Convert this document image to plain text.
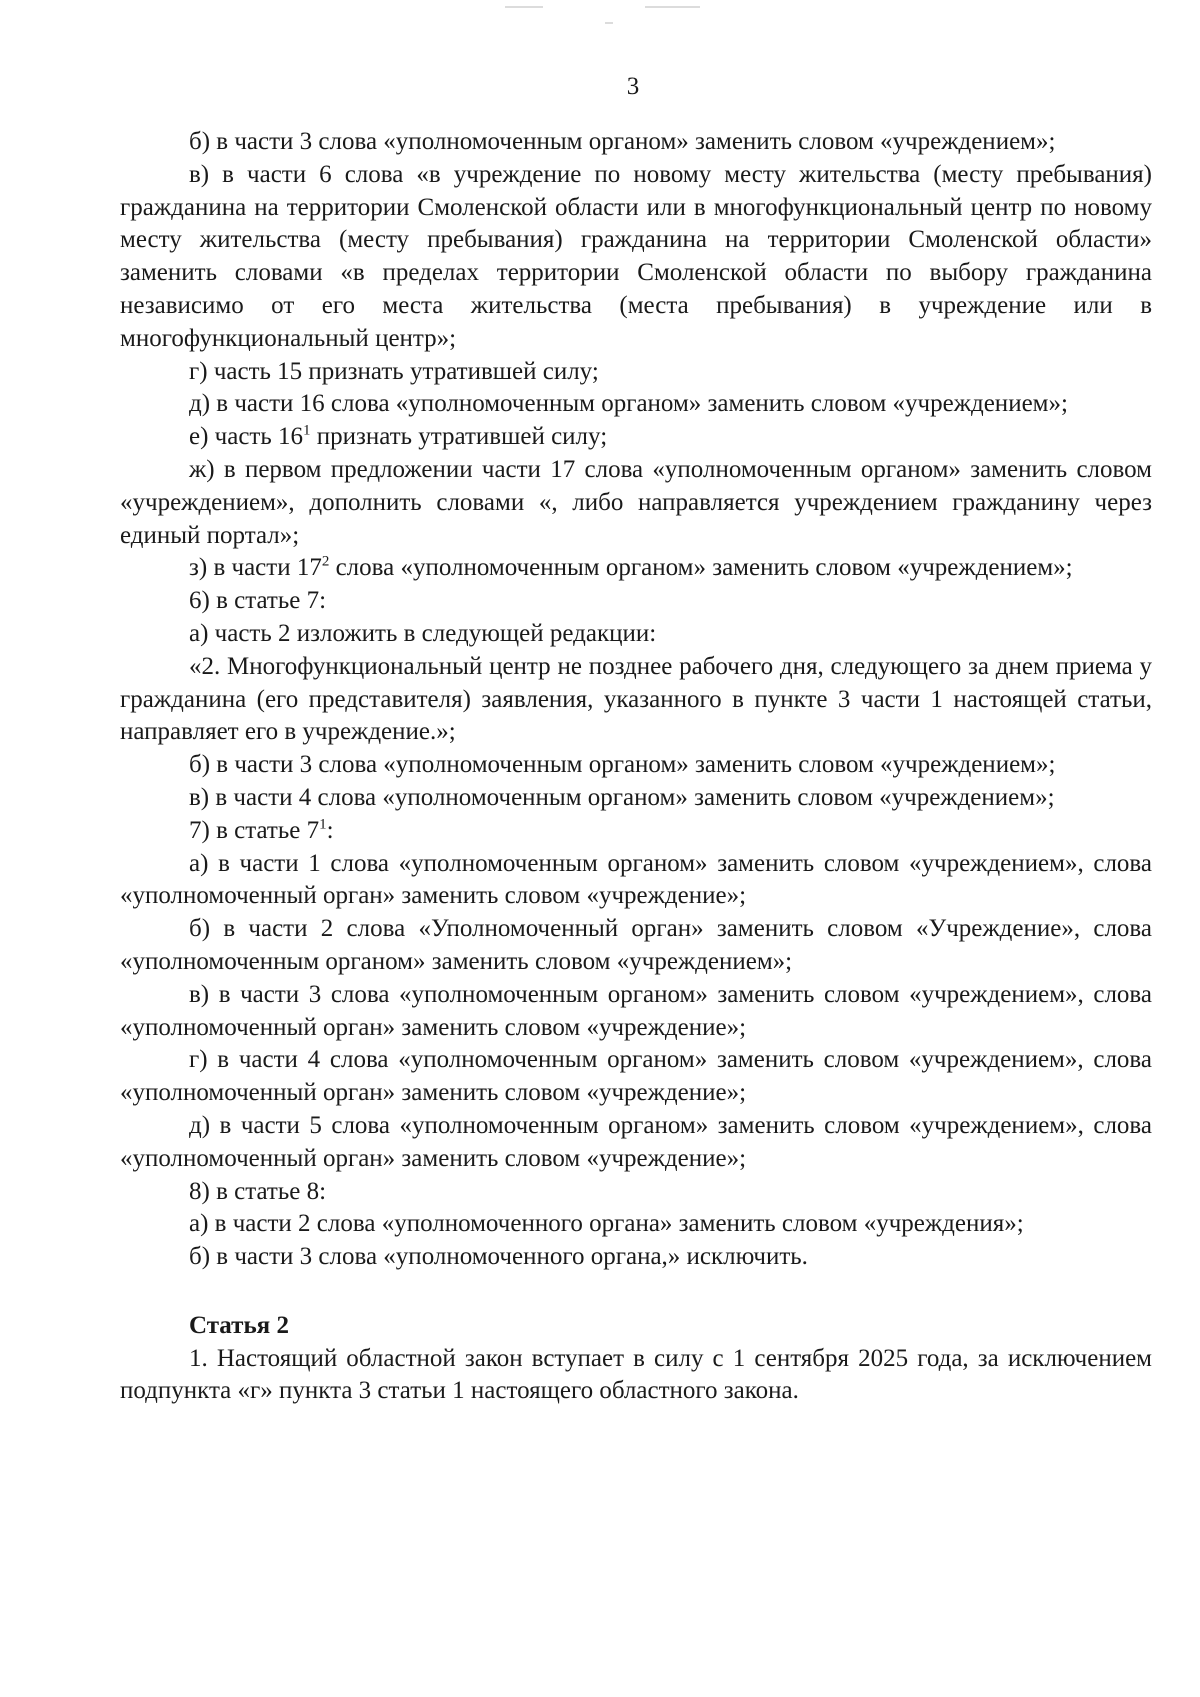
3

б) в части 3 слова «уполномоченным органом» заменить словом «учреждением»;

в) в части 6 слова «в учреждение по новому месту жительства (месту пребывания) гражданина на территории Смоленской области или в многофункциональный центр по новому месту жительства (месту пребывания) гражданина на территории Смоленской области» заменить словами «в пределах территории Смоленской области по выбору гражданина независимо от его места жительства (места пребывания) в учреждение или в многофункциональный центр»;

г) часть 15 признать утратившей силу;

д) в части 16 слова «уполномоченным органом» заменить словом «учреждением»;

е) часть $16^1$ признать утратившей силу;

ж) в первом предложении части 17 слова «уполномоченным органом» заменить словом «учреждением», дополнить словами «, либо направляется учреждением гражданину через единый портал»;

з) в части $17^2$ слова «уполномоченным органом» заменить словом «учреждением»;

6) в статье 7:

а) часть 2 изложить в следующей редакции:

«2. Многофункциональный центр не позднее рабочего дня, следующего за днем приема у гражданина (его представителя) заявления, указанного в пункте 3 части 1 настоящей статьи, направляет его в учреждение.»;

б) в части 3 слова «уполномоченным органом» заменить словом «учреждением»;

в) в части 4 слова «уполномоченным органом» заменить словом «учреждением»;

7) в статье $7^1$:

а) в части 1 слова «уполномоченным органом» заменить словом «учреждением», слова «уполномоченный орган» заменить словом «учреждение»;

б) в части 2 слова «Уполномоченный орган» заменить словом «Учреждение», слова «уполномоченным органом» заменить словом «учреждением»;

в) в части 3 слова «уполномоченным органом» заменить словом «учреждением», слова «уполномоченный орган» заменить словом «учреждение»;

г) в части 4 слова «уполномоченным органом» заменить словом «учреждением», слова «уполномоченный орган» заменить словом «учреждение»;

д) в части 5 слова «уполномоченным органом» заменить словом «учреждением», слова «уполномоченный орган» заменить словом «учреждение»;

8) в статье 8:

а) в части 2 слова «уполномоченного органа» заменить словом «учреждения»;

б) в части 3 слова «уполномоченного органа,» исключить.

Статья 2

1. Настоящий областной закон вступает в силу с 1 сентября 2025 года, за исключением подпункта «г» пункта 3 статьи 1 настоящего областного закона.
